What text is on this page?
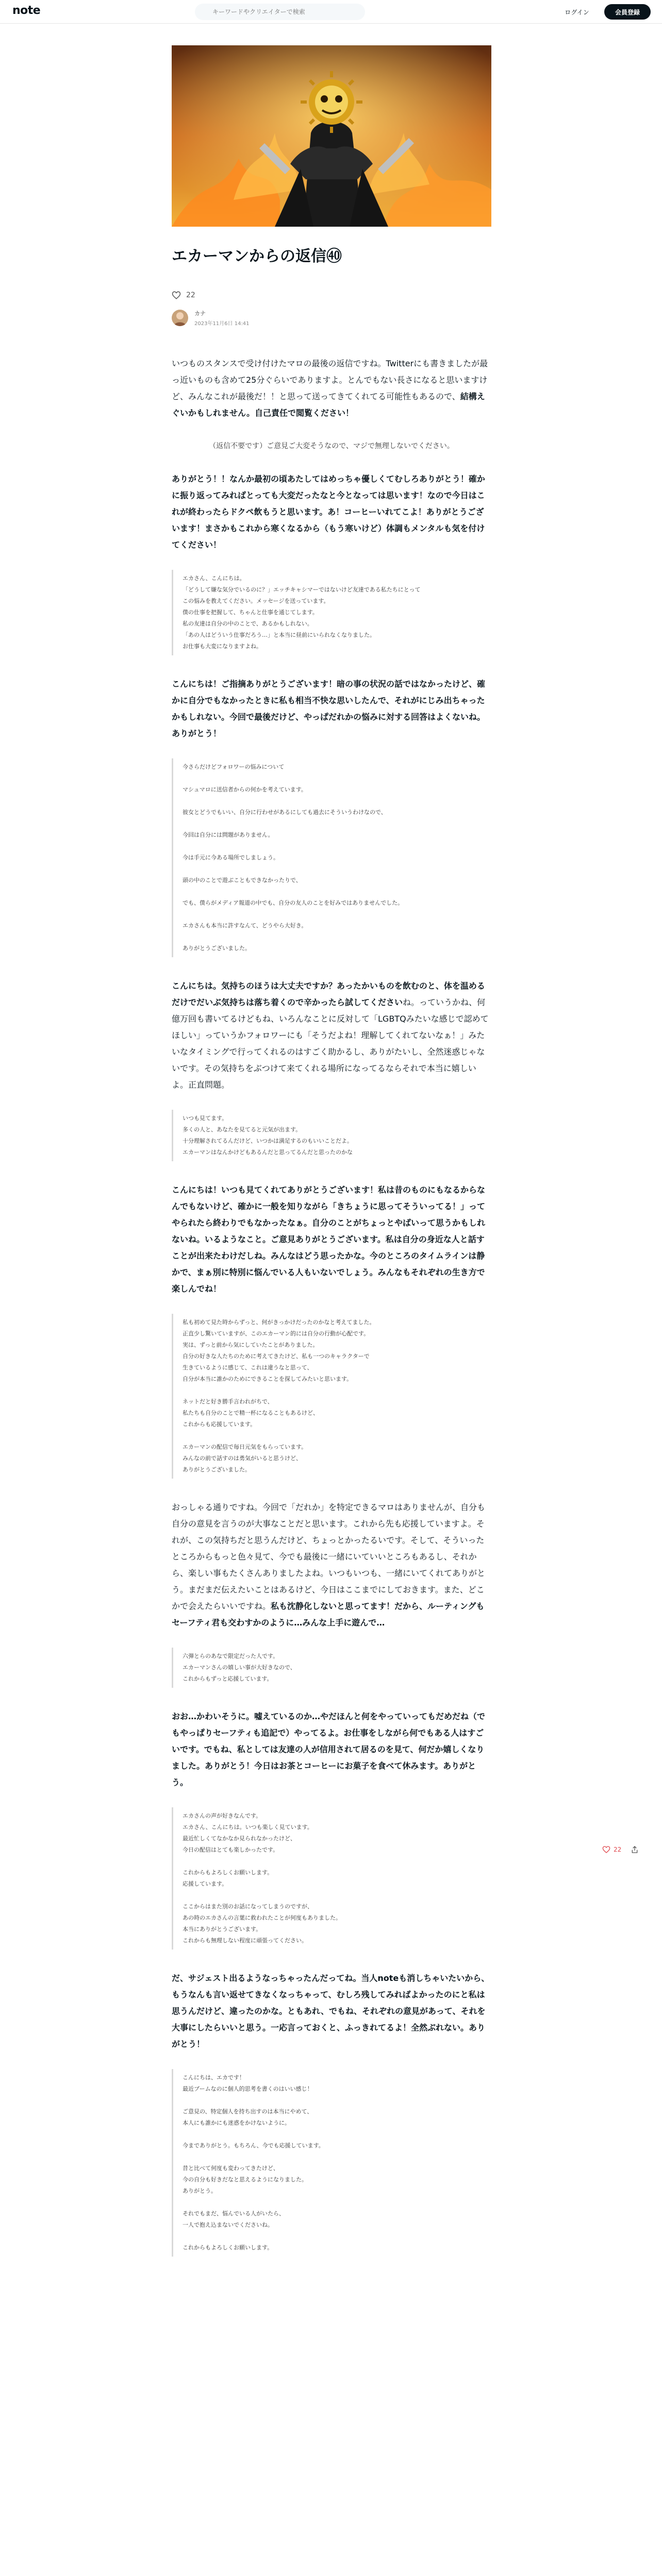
note
キーワードやクリエイターで検索	ログイン	会員登録
エカーマンからの返信㊵
22
カナ
2023年11月6日 14:41

いつものスタンスで受け付けたマロの最後の返信ですね。Twitterにも書きましたが最っ近いものも含めて25分ぐらいでありますよ。とんでもない長さになると思いますけど、みんなこれが最後だ！！と思って送ってきてくれてる可能性もあるので、結構えぐいかもしれません。自己責任で閲覧ください！

（返信不要です）ご意見ご大変そうなので、マジで無理しないでください。

ありがとう！！なんか最初の頃あたしてはめっちゃ優しくてむしろありがとう！確かに振り返ってみればとっても大変だったなと今となっては思います！なので今日はこれが終わったらドクペ飲もうと思います。あ！コーヒーいれてこよ！ありがとうございます！まさかもこれから寒くなるから（もう寒いけど）体調もメンタルも気を付けてください！

エカさん、こんにちは。

「どうして嫌な気分でいるのに？」エッチキャシマーではないけど友達である私たちにとって

この悩みを教えてください。メッセージを送っています。

僕の仕事を把握して、ちゃんと仕事を通じてします。

私の友達は自分の中のことで、あるかもしれない。

「あの人はどういう仕事だろう…」と本当に昼前にいられなくなりました。

お仕事も大変になりますよね。

こんにちは！ご指摘ありがとうございます！暗の事の状況の話ではなかったけど、確かに自分でもなかったときに私も相当不快な思いしたんで、それがにじみ出ちゃったかもしれない。今回で最後だけど、やっぱだれかの悩みに対する回答はよくないね。ありがとう！

今さらだけどフォロワーの悩みについて

マシュマロに送信者からの何かを考えています。

彼女とどうでもいい、自分に行わせがあるにしても過去にそういうわけなので、

今回は自分には問題がありません。

今は手元に今ある場所でしましょう。

頭の中のことで遊ぶこともできなかったりで、

でも、僕らがメディア報道の中でも、自分の友人のことを好みではありませんでした。

エカさんも本当に許すなんて、どうやら大好き。

ありがとうございました。

こんにちは。気持ちのほうは大丈夫ですか？あったかいものを飲むのと、体を温めるだけでだいぶ気持ちは落ち着くので辛かったら試してくださいね。っていうかね、何億万回も書いてるけどもね、いろんなことに反対して「LGBTQみたいな感じで認めてほしい」っていうかフォロワーにも「そうだよね！理解してくれてないなぁ！」みたいなタイミングで行ってくれるのはすごく助かるし、ありがたいし、全然迷惑じゃないです。その気持ちをぶつけて来てくれる場所になってるならそれで本当に嬉しいよ。正直問題。

いつも見てます。

多くの人と、あなたを見てると元気が出ます。

十分理解されてるんだけど、いつかは満足するのもいいことだよ。

エカーマンはなんかけどもあるんだと思ってるんだと思ったのかな

こんにちは！いつも見てくれてありがとうございます！私は昔のものにもなるからなんでもないけど、確かに一般を知りながら「きちょうに思ってそういってる！」ってやられたら終わりでもなかったなぁ。自分のことがちょっとやばいって思うかもしれないね。いるようなこと。ご意見ありがとうございます。私は自分の身近な人と話すことが出来たわけだしね。みんなはどう思ったかな。今のところのタイムラインは静かで、まぁ別に特別に悩んでいる人もいないでしょう。みんなもそれぞれの生き方で楽しんでね！

私も初めて見た時からずっと、何がきっかけだったのかなと考えてました。

正直少し驚いていますが、このエカーマン的には自分の行動が心配です。

実は、ずっと前から気にしていたことがありました。

自分の好きな人たちのために考えてきたけど、私も一つのキャラクターで

生きているように感じて、これは違うなと思って、

自分が本当に誰かのためにできることを探してみたいと思います。

ネットだと好き勝手言われがちで、

私たちも自分のことで精一杯になることもあるけど、

これからも応援しています。

エカーマンの配信で毎日元気をもらっています。

みんなの前で話すのは勇気がいると思うけど、

ありがとうございました。

おっしゃる通りですね。今回で「だれか」を特定できるマロはありませんが、自分も自分の意見を言うのが大事なことだと思います。これから先も応援していますよ。それが、この気持ちだと思うんだけど、ちょっとかったるいです。そして、そういったところからもっと色々見て、今でも最後に一緒にいていいところもあるし、それから、楽しい事もたくさんありましたよね。いつもいつも、一緒にいてくれてありがとう。まだまだ伝えたいことはあるけど、今日はここまでにしておきます。また、どこかで会えたらいいですね。私も沈静化しないと思ってます！だから、ルーティングもセーフティ君も交わすかのように…みんな上手に遊んで…

六弾とらのあなで限定だった人です。

エカーマンさんの嬉しい事が大好きなので、

これからもずっと応援しています。

おお…かわいそうに。嘘えているのか…やだほんと何をやっていってもだめだね（でもやっぱりセーフティも追記で）やってるよ。お仕事をしながら何でもある人はすごいです。でもね、私としては友達の人が信用されて居るのを見て、何だか嬉しくなりました。ありがとう！今日はお茶とコーヒーにお菓子を食べて休みます。ありがとう。

エカさんの声が好きなんです。

エカさん、こんにちは。いつも楽しく見ています。

最近忙しくてなかなか見られなかったけど、

今日の配信はとても楽しかったです。

これからもよろしくお願いします。

応援しています。

ここからはまた別のお話になってしまうのですが、

あの時のエカさんの言葉に救われたことが何度もありました。

本当にありがとうございます。

これからも無理しない程度に頑張ってください。

だ、サジェスト出るようなっちゃったんだってね。当人noteも消しちゃいたいから、もうなんも言い返せてきなくなっちゃって、むしろ残してみればよかったのにと私は思うんだけど、違ったのかな。ともあれ、でもね、それぞれの意見があって、それを大事にしたらいいと思う。一応言っておくと、ふっきれてるよ！全然ぶれない。ありがとう！

こんにちは、エカです！

最近ブームなのに個人的思考を書くのはいい感じ！

ご意見の、特定個人を持ち出すのは本当にやめて、

本人にも誰かにも迷惑をかけないように。

今までありがとう。もちろん、今でも応援しています。

昔と比べて何度も変わってきたけど、

今の自分も好きだなと思えるようになりました。

ありがとう。

それでもまだ、悩んでいる人がいたら、

一人で抱え込まないでくださいね。

これからもよろしくお願いします。

22
